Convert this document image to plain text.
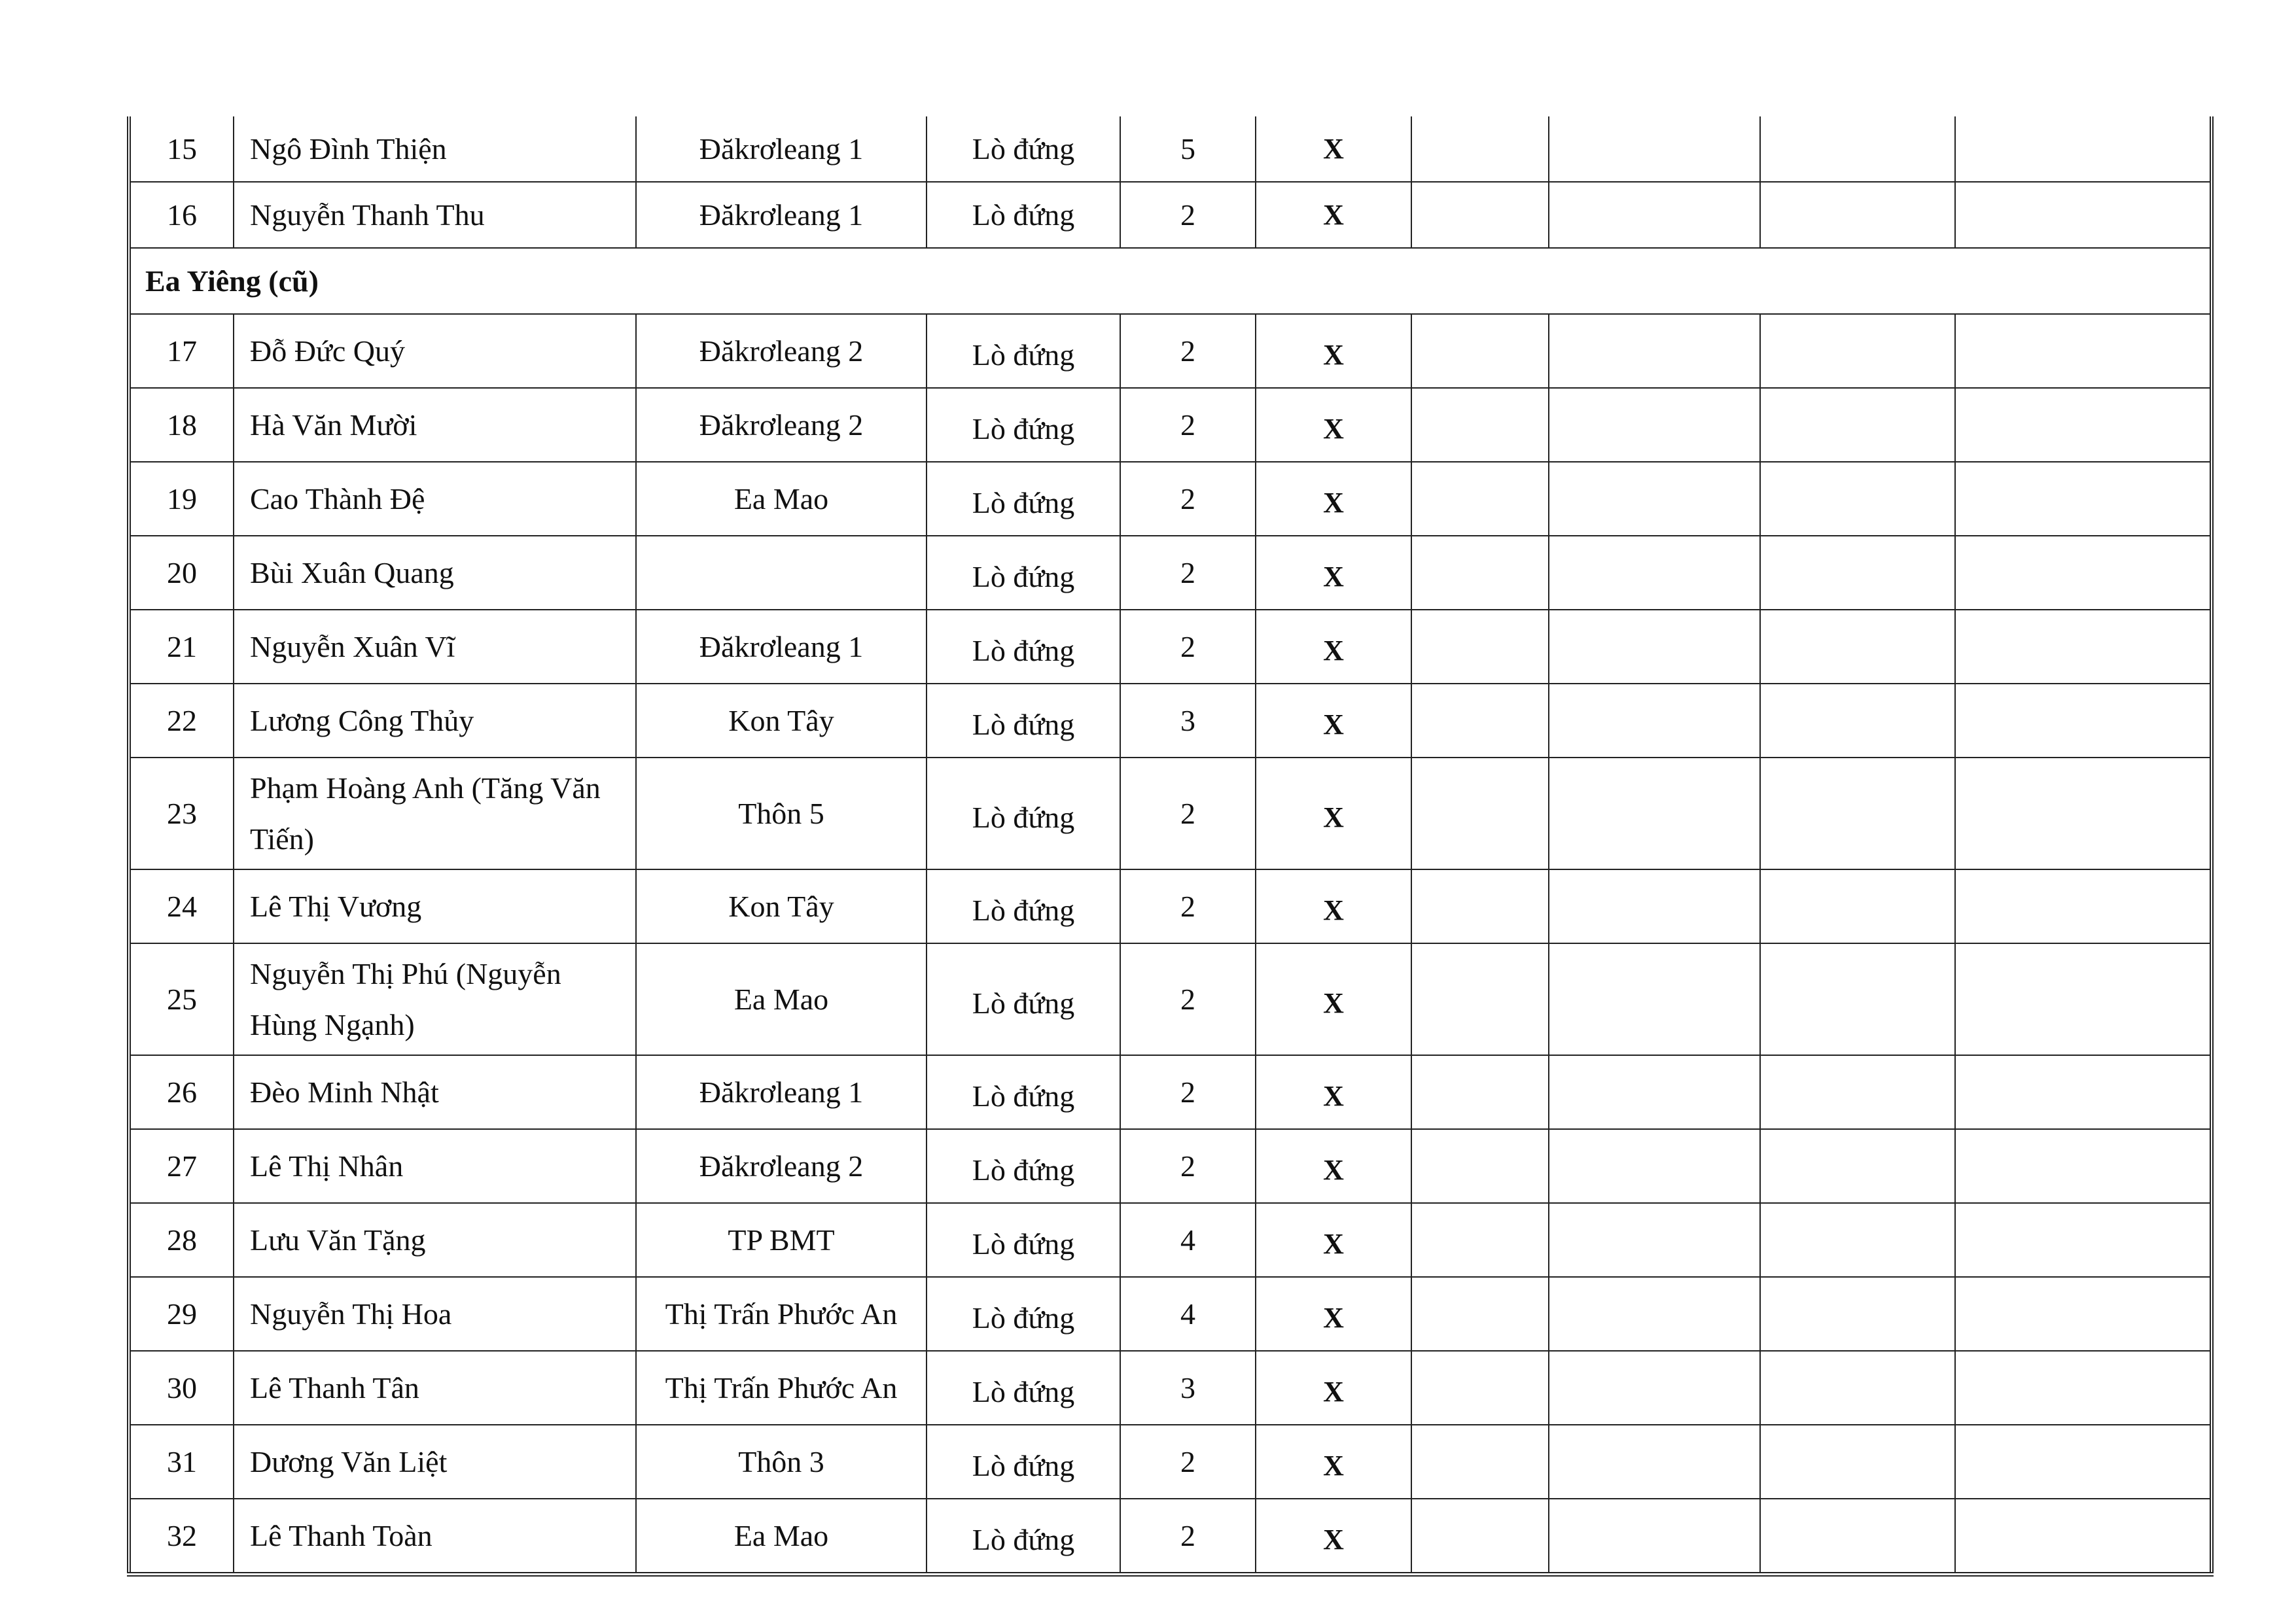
15	Ngô Đình Thiện	Đăkrơleang 1	Lò đứng	5	X				
16	Nguyễn Thanh Thu	Đăkrơleang 1	Lò đứng	2	X				
Ea Yiêng (cũ)									
17	Đỗ Đức Quý	Đăkrơleang 2	Lò đứng	2	X				
18	Hà Văn Mười	Đăkrơleang 2	Lò đứng	2	X				
19	Cao Thành Đệ	Ea Mao	Lò đứng	2	X				
20	Bùi Xuân Quang		Lò đứng	2	X				
21	Nguyễn Xuân Vĩ	Đăkrơleang 1	Lò đứng	2	X				
22	Lương Công Thủy	Kon Tây	Lò đứng	3	X				
23	Phạm Hoàng Anh (Tăng Văn Tiến)	Thôn 5	Lò đứng	2	X				
24	Lê Thị Vương	Kon Tây	Lò đứng	2	X				
25	Nguyễn Thị Phú (Nguyễn Hùng Ngạnh)	Ea Mao	Lò đứng	2	X				
26	Đèo Minh Nhật	Đăkrơleang 1	Lò đứng	2	X				
27	Lê Thị Nhân	Đăkrơleang 2	Lò đứng	2	X				
28	Lưu Văn Tặng	TP BMT	Lò đứng	4	X				
29	Nguyễn Thị Hoa	Thị Trấn Phước An	Lò đứng	4	X				
30	Lê Thanh Tân	Thị Trấn Phước An	Lò đứng	3	X				
31	Dương Văn Liệt	Thôn 3	Lò đứng	2	X				
32	Lê Thanh Toàn	Ea Mao	Lò đứng	2	X				
